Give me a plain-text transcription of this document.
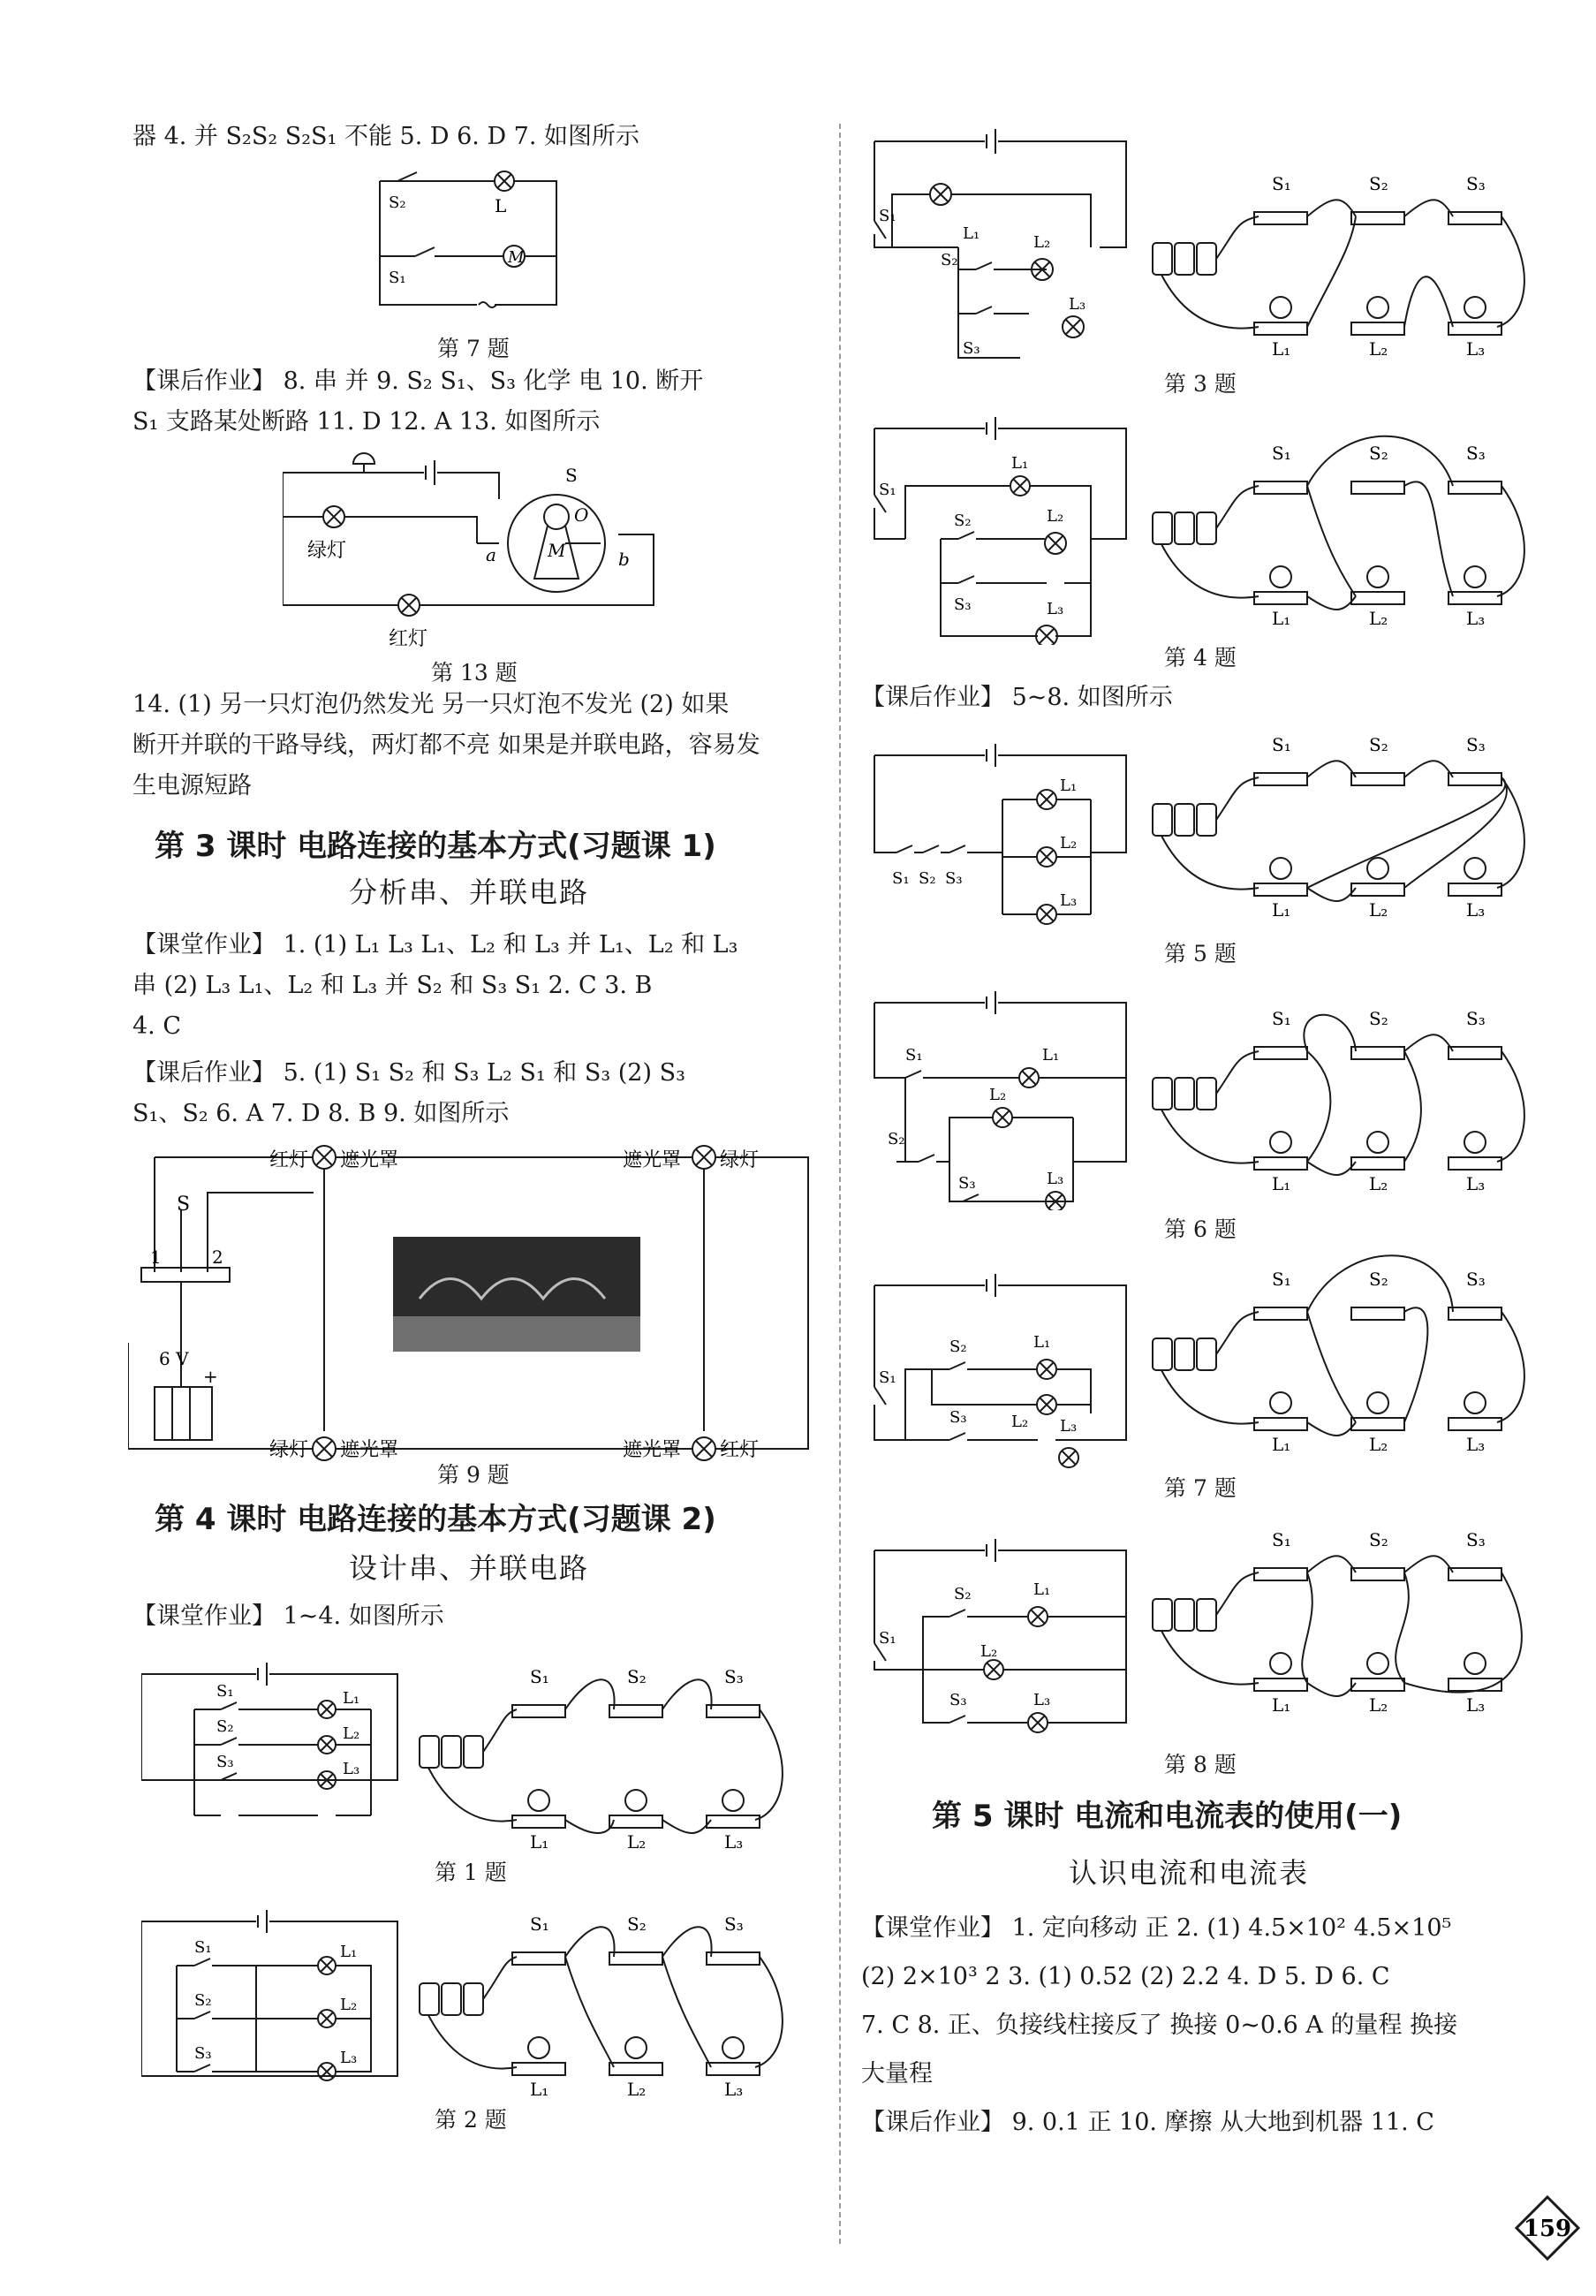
器 4. 并 S₂S₂ S₂S₁ 不能 5. D 6. D 7. 如图所示
S₂	L
S₁
M
第 7 题
【课后作业】 8. 串 并 9. S₂ S₁、S₃ 化学 电 10. 断开
S₁ 支路某处断路 11. D 12. A 13. 如图所示
绿灯
红灯
a	b
S
O
M
第 13 题
14. (1) 另一只灯泡仍然发光 另一只灯泡不发光 (2) 如果
断开并联的干路导线，两灯都不亮 如果是并联电路，容易发
生电源短路
第 3 课时 电路连接的基本方式(习题课 1)
分析串、并联电路
【课堂作业】 1. (1) L₁ L₃ L₁、L₂ 和 L₃ 并 L₁、L₂ 和 L₃
串 (2) L₃ L₁、L₂ 和 L₃ 并 S₂ 和 S₃ S₁ 2. C 3. B
4. C
【课后作业】 5. (1) S₁ S₂ 和 S₃ L₂ S₁ 和 S₃ (2) S₃
S₁、S₂ 6. A 7. D 8. B 9. 如图所示
红灯 遮光罩	遮光罩 绿灯
绿灯 遮光罩	遮光罩 红灯
S
1	2
6 V
+
第 9 题
第 4 课时 电路连接的基本方式(习题课 2)
设计串、并联电路
【课堂作业】 1~4. 如图所示
S₁
S₂
S₃
L₁
L₂
L₃
S₁	S₂	S₃
L₁	L₂	L₃
第 1 题
S₁
S₂
S₃
L₁
L₂
L₃
S₁	S₂	S₃
L₁	L₂	L₃
第 2 题
S₁
L₁
S₂
L₂
S₃
L₃
S₁	S₂	S₃
L₁	L₂	L₃
第 3 题
S₁
L₁
S₂	L₂
S₃	L₃
S₁	S₂	S₃
L₁	L₂	L₃
第 4 题
【课后作业】 5~8. 如图所示
S₁ S₂ S₃
L₁
L₂
L₃
S₁	S₂	S₃
L₁	L₂	L₃
第 5 题
S₁	L₁
L₂
S₂
S₃	L₃
S₁	S₂	S₃
L₁	L₂	L₃
第 6 题
S₁
S₂	L₁
L₂
S₃	L₃
S₁	S₂	S₃
L₁	L₂	L₃
第 7 题
S₁
S₂	L₁
L₂
S₃	L₃
S₁	S₂	S₃
L₁	L₂	L₃
第 8 题
第 5 课时 电流和电流表的使用(一)
认识电流和电流表
【课堂作业】 1. 定向移动 正 2. (1) 4.5×10² 4.5×10⁵
(2) 2×10³ 2 3. (1) 0.52 (2) 2.2 4. D 5. D 6. C
7. C 8. 正、负接线柱接反了 换接 0~0.6 A 的量程 换接
大量程
【课后作业】 9. 0.1 正 10. 摩擦 从大地到机器 11. C
159
